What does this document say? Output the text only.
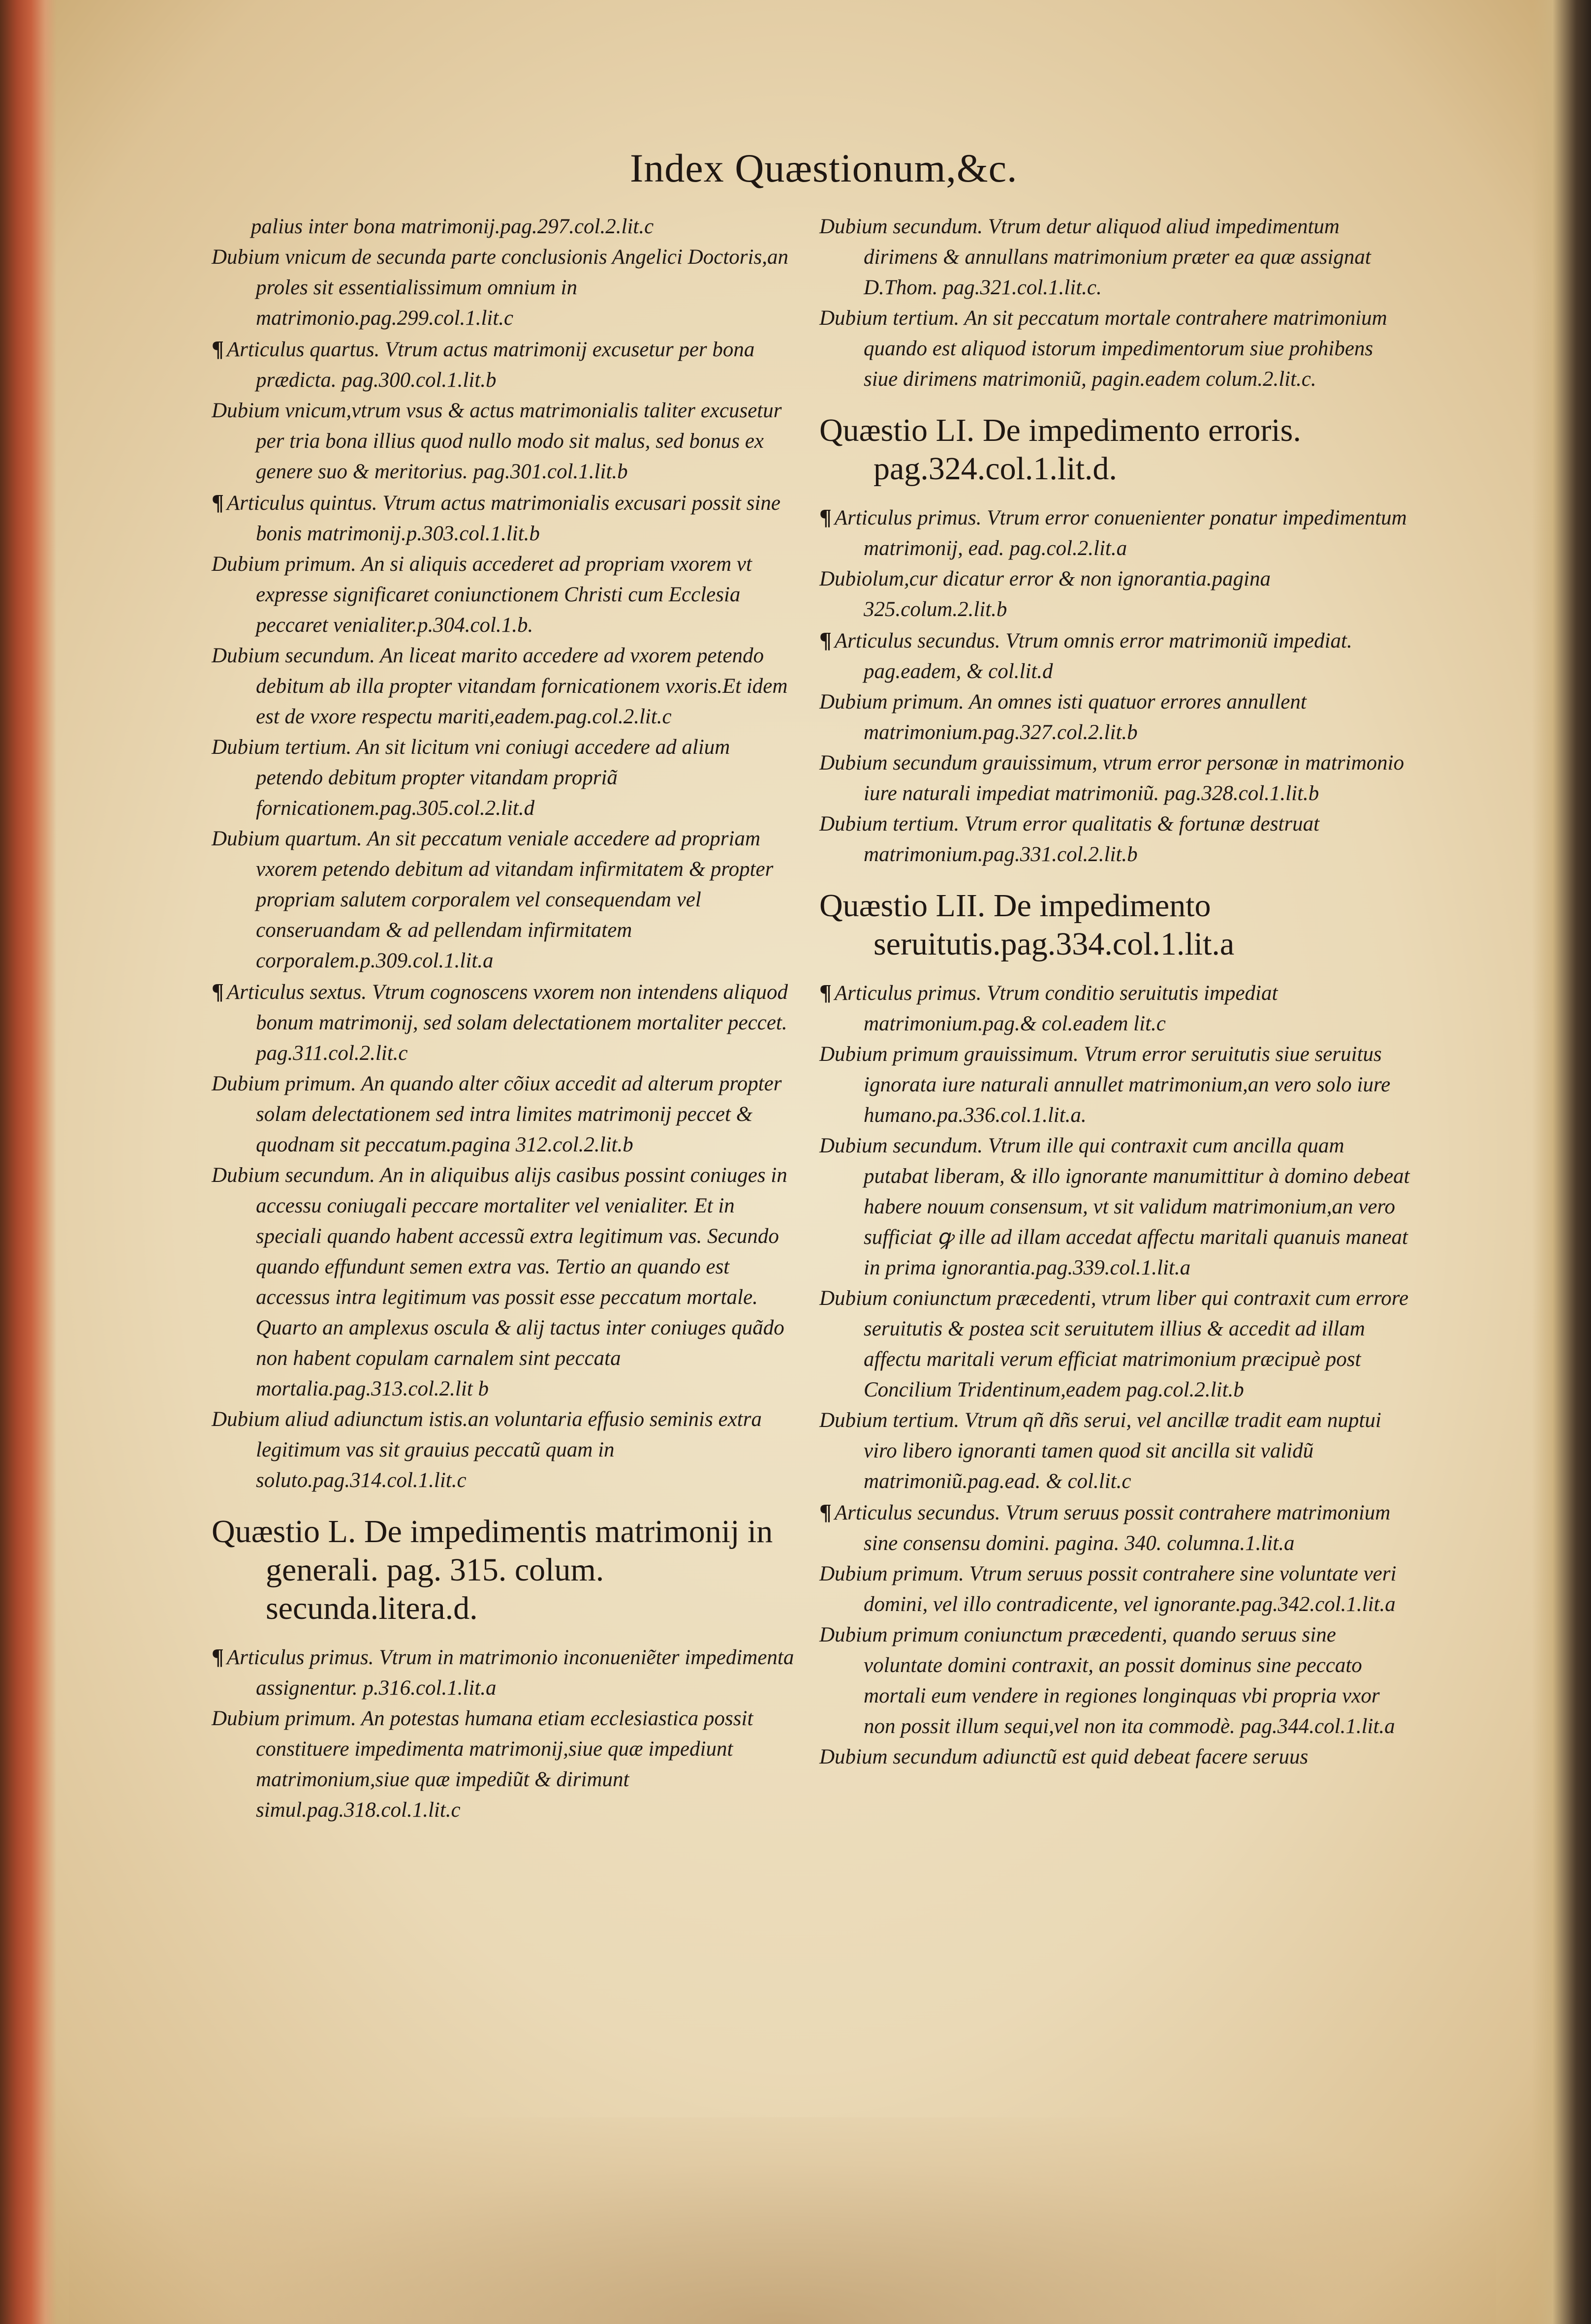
Index Quæstionum,&c.

palius inter bona matrimonij.pag.297.col.2.lit.c

Dubium vnicum de secunda parte conclusionis Angelici Doctoris,an proles sit essentialissimum omnium in matrimonio.pag.299.col.1.lit.c

¶ Articulus quartus. Vtrum actus matrimonij excusetur per bona prædicta. pag.300.col.1.lit.b

Dubium vnicum,vtrum vsus & actus matrimonialis taliter excusetur per tria bona illius quod nullo modo sit malus, sed bonus ex genere suo & meritorius. pag.301.col.1.lit.b

¶ Articulus quintus. Vtrum actus matrimonialis excusari possit sine bonis matrimonij.p.303.col.1.lit.b

Dubium primum. An si aliquis accederet ad propriam vxorem vt expresse significaret coniunctionem Christi cum Ecclesia peccaret venialiter.p.304.col.1.b.

Dubium secundum. An liceat marito accedere ad vxorem petendo debitum ab illa propter vitandam fornicationem vxoris.Et idem est de vxore respectu mariti,eadem.pag.col.2.lit.c

Dubium tertium. An sit licitum vni coniugi accedere ad alium petendo debitum propter vitandam propriã fornicationem.pag.305.col.2.lit.d

Dubium quartum. An sit peccatum veniale accedere ad propriam vxorem petendo debitum ad vitandam infirmitatem & propter propriam salutem corporalem vel consequendam vel conseruandam & ad pellendam infirmitatem corporalem.p.309.col.1.lit.a

¶ Articulus sextus. Vtrum cognoscens vxorem non intendens aliquod bonum matrimonij, sed solam delectationem mortaliter peccet. pag.311.col.2.lit.c

Dubium primum. An quando alter cõiux accedit ad alterum propter solam delectationem sed intra limites matrimonij peccet & quodnam sit peccatum.pagina 312.col.2.lit.b

Dubium secundum. An in aliquibus alijs casibus possint coniuges in accessu coniugali peccare mortaliter vel venialiter. Et in speciali quando habent accessũ extra legitimum vas. Secundo quando effundunt semen extra vas. Tertio an quando est accessus intra legitimum vas possit esse peccatum mortale. Quarto an amplexus oscula & alij tactus inter coniuges quãdo non habent copulam carnalem sint peccata mortalia.pag.313.col.2.lit b

Dubium aliud adiunctum istis.an voluntaria effusio seminis extra legitimum vas sit grauius peccatũ quam in soluto.pag.314.col.1.lit.c

Quæstio L. De impedimentis matrimonij in generali. pag. 315. colum. secunda.litera.d.

¶ Articulus primus. Vtrum in matrimonio inconueniẽter impedimenta assignentur. p.316.col.1.lit.a

Dubium primum. An potestas humana etiam ecclesiastica possit constituere impedimenta matrimonij,siue quæ impediunt matrimonium,siue quæ impediũt & dirimunt simul.pag.318.col.1.lit.c

Dubium secundum. Vtrum detur aliquod aliud impedimentum dirimens & annullans matrimonium præter ea quæ assignat D.Thom. pag.321.col.1.lit.c.

Dubium tertium. An sit peccatum mortale contrahere matrimonium quando est aliquod istorum impedimentorum siue prohibens siue dirimens matrimoniũ, pagin.eadem colum.2.lit.c.

Quæstio LI. De impedimento erroris. pag.324.col.1.lit.d.

¶ Articulus primus. Vtrum error conuenienter ponatur impedimentum matrimonij, ead. pag.col.2.lit.a

Dubiolum,cur dicatur error & non ignorantia.pagina 325.colum.2.lit.b

¶ Articulus secundus. Vtrum omnis error matrimoniũ impediat. pag.eadem, & col.lit.d

Dubium primum. An omnes isti quatuor errores annullent matrimonium.pag.327.col.2.lit.b

Dubium secundum grauissimum, vtrum error personæ in matrimonio iure naturali impediat matrimoniũ. pag.328.col.1.lit.b

Dubium tertium. Vtrum error qualitatis & fortunæ destruat matrimonium.pag.331.col.2.lit.b

Quæstio LII. De impedimento seruitutis.pag.334.col.1.lit.a

¶ Articulus primus. Vtrum conditio seruitutis impediat matrimonium.pag.& col.eadem lit.c

Dubium primum grauissimum. Vtrum error seruitutis siue seruitus ignorata iure naturali annullet matrimonium,an vero solo iure humano.pa.336.col.1.lit.a.

Dubium secundum. Vtrum ille qui contraxit cum ancilla quam putabat liberam, & illo ignorante manumittitur à domino debeat habere nouum consensum, vt sit validum matrimonium,an vero sufficiat ꝙ ille ad illam accedat affectu maritali quanuis maneat in prima ignorantia.pag.339.col.1.lit.a

Dubium coniunctum præcedenti, vtrum liber qui contraxit cum errore seruitutis & postea scit seruitutem illius & accedit ad illam affectu maritali verum efficiat matrimonium præcipuè post Concilium Tridentinum,eadem pag.col.2.lit.b

Dubium tertium. Vtrum qñ dñs serui, vel ancillæ tradit eam nuptui viro libero ignoranti tamen quod sit ancilla sit validũ matrimoniũ.pag.ead. & col.lit.c

¶ Articulus secundus. Vtrum seruus possit contrahere matrimonium sine consensu domini. pagina. 340. columna.1.lit.a

Dubium primum. Vtrum seruus possit contrahere sine voluntate veri domini, vel illo contradicente, vel ignorante.pag.342.col.1.lit.a

Dubium primum coniunctum præcedenti, quando seruus sine voluntate domini contraxit, an possit dominus sine peccato mortali eum vendere in regiones longinquas vbi propria vxor non possit illum sequi,vel non ita commodè. pag.344.col.1.lit.a

Dubium secundum adiunctũ est quid debeat facere seruus
